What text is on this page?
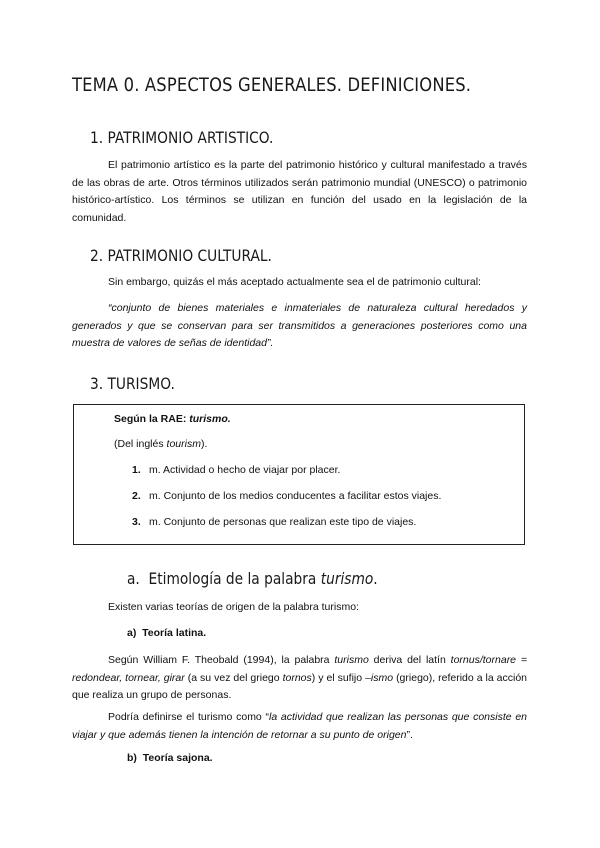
TEMA 0. ASPECTOS GENERALES. DEFINICIONES.
1. PATRIMONIO ARTISTICO.

El patrimonio artístico es la parte del patrimonio histórico y cultural manifestado a través de las obras de arte. Otros términos utilizados serán patrimonio mundial (UNESCO) o patrimonio histórico-artístico. Los términos se utilizan en función del usado en la legislación de la comunidad.

2. PATRIMONIO CULTURAL.

Sin embargo, quizás el más aceptado actualmente sea el de patrimonio cultural:

“conjunto de bienes materiales e inmateriales de naturaleza cultural heredados y generados y que se conservan para ser transmitidos a generaciones posteriores como una muestra de valores de señas de identidad”.

3. TURISMO.

Según la RAE: turismo.

(Del inglés tourism).

1. m. Actividad o hecho de viajar por placer.

2. m. Conjunto de los medios conducentes a facilitar estos viajes.

3. m. Conjunto de personas que realizan este tipo de viajes.

a.  Etimología de la palabra turismo.

Existen varias teorías de origen de la palabra turismo:

a)  Teoría latina.

Según William F. Theobald (1994), la palabra turismo deriva del latín tornus/tornare = redondear, tornear, girar (a su vez del griego tornos) y el sufijo –ismo (griego), referido a la acción que realiza un grupo de personas.

Podría definirse el turismo como “la actividad que realizan las personas que consiste en viajar y que además tienen la intención de retornar a su punto de origen”.

b)  Teoría sajona.
